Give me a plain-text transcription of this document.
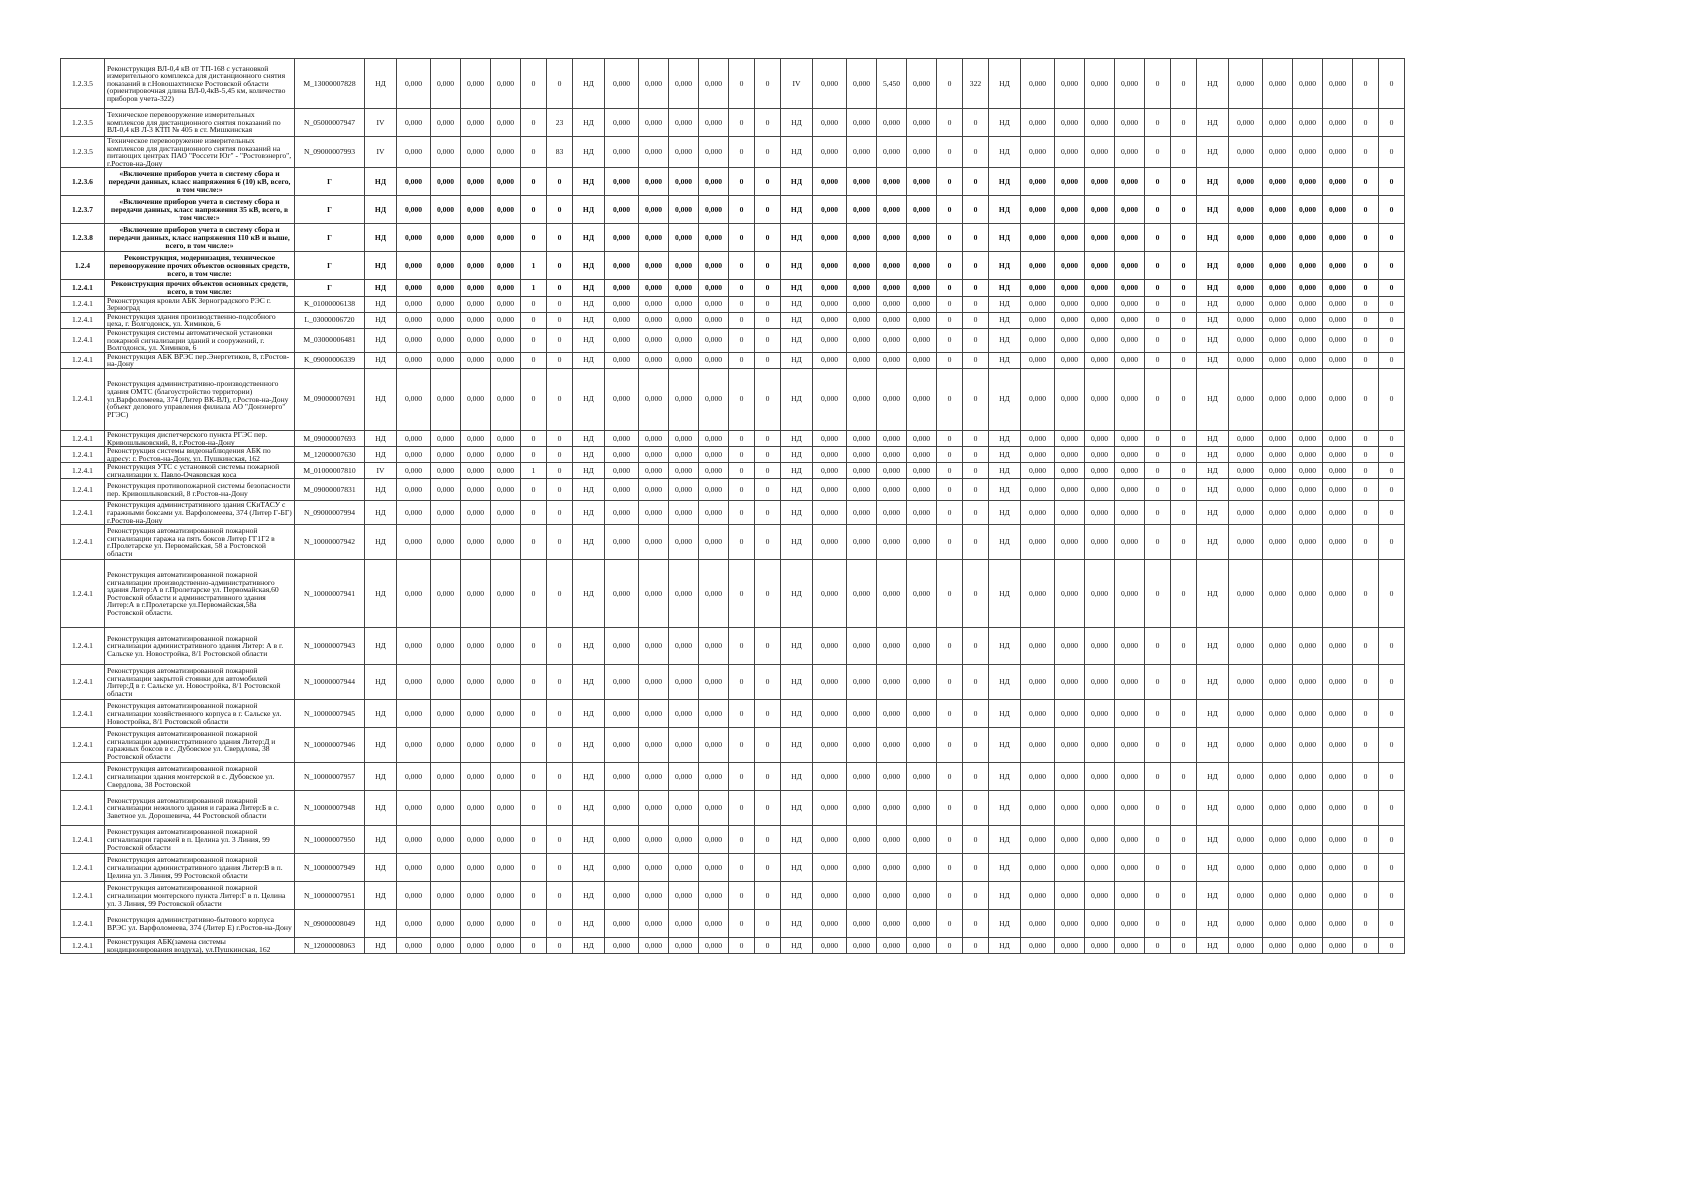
1.2.3.5	Реконструкция ВЛ-0,4 кВ от ТП-168 с установкой измерительного комплекса для дистанционного снятия показаний в г.Новошахтинске Ростовской области (ориентировочная длина ВЛ-0,4кВ-5,45 км, количество приборов учета-322)	M_13000007828	НД	0,000	0,000	0,000	0,000	0	0	НД	0,000	0,000	0,000	0,000	0	0	IV	0,000	0,000	5,450	0,000	0	322	НД	0,000	0,000	0,000	0,000	0	0	НД	0,000	0,000	0,000	0,000	0	0
1.2.3.5	Техническое перевооружение измерительных комплексов для дистанционного снятия показаний по ВЛ-0,4 кВ Л-3 КТП № 405 в ст. Мишкинская	N_05000007947	IV	0,000	0,000	0,000	0,000	0	23	НД	0,000	0,000	0,000	0,000	0	0	НД	0,000	0,000	0,000	0,000	0	0	НД	0,000	0,000	0,000	0,000	0	0	НД	0,000	0,000	0,000	0,000	0	0
1.2.3.5	Техническое перевооружение измерительных комплексов для дистанционного снятия показаний на питающих центрах ПАО "Россети Юг" - "Ростовэнерго", г.Ростов-на-Дону	N_09000007993	IV	0,000	0,000	0,000	0,000	0	83	НД	0,000	0,000	0,000	0,000	0	0	НД	0,000	0,000	0,000	0,000	0	0	НД	0,000	0,000	0,000	0,000	0	0	НД	0,000	0,000	0,000	0,000	0	0
1.2.3.6	«Включение приборов учета в систему сбора и передачи данных, класс напряжения 6 (10) кВ, всего, в том числе:»	Г	НД	0,000	0,000	0,000	0,000	0	0	НД	0,000	0,000	0,000	0,000	0	0	НД	0,000	0,000	0,000	0,000	0	0	НД	0,000	0,000	0,000	0,000	0	0	НД	0,000	0,000	0,000	0,000	0	0
1.2.3.7	«Включение приборов учета в систему сбора и передачи данных, класс напряжения 35 кВ, всего, в том числе:»	Г	НД	0,000	0,000	0,000	0,000	0	0	НД	0,000	0,000	0,000	0,000	0	0	НД	0,000	0,000	0,000	0,000	0	0	НД	0,000	0,000	0,000	0,000	0	0	НД	0,000	0,000	0,000	0,000	0	0
1.2.3.8	«Включение приборов учета в систему сбора и передачи данных, класс напряжения 110 кВ и выше, всего, в том числе:»	Г	НД	0,000	0,000	0,000	0,000	0	0	НД	0,000	0,000	0,000	0,000	0	0	НД	0,000	0,000	0,000	0,000	0	0	НД	0,000	0,000	0,000	0,000	0	0	НД	0,000	0,000	0,000	0,000	0	0
1.2.4	Реконструкция, модернизация, техническое перевооружение прочих объектов основных средств, всего, в том числе:	Г	НД	0,000	0,000	0,000	0,000	1	0	НД	0,000	0,000	0,000	0,000	0	0	НД	0,000	0,000	0,000	0,000	0	0	НД	0,000	0,000	0,000	0,000	0	0	НД	0,000	0,000	0,000	0,000	0	0
1.2.4.1	Реконструкция прочих объектов основных средств, всего, в том числе:	Г	НД	0,000	0,000	0,000	0,000	1	0	НД	0,000	0,000	0,000	0,000	0	0	НД	0,000	0,000	0,000	0,000	0	0	НД	0,000	0,000	0,000	0,000	0	0	НД	0,000	0,000	0,000	0,000	0	0
1.2.4.1	Реконструкция кровли АБК Зерноградского РЭС г. Зерноград	K_01000006138	НД	0,000	0,000	0,000	0,000	0	0	НД	0,000	0,000	0,000	0,000	0	0	НД	0,000	0,000	0,000	0,000	0	0	НД	0,000	0,000	0,000	0,000	0	0	НД	0,000	0,000	0,000	0,000	0	0
1.2.4.1	Реконструкция здания производственно-подсобного цеха, г. Волгодонск, ул. Химиков, 6	L_03000006720	НД	0,000	0,000	0,000	0,000	0	0	НД	0,000	0,000	0,000	0,000	0	0	НД	0,000	0,000	0,000	0,000	0	0	НД	0,000	0,000	0,000	0,000	0	0	НД	0,000	0,000	0,000	0,000	0	0
1.2.4.1	Реконструкция системы автоматической установки пожарной сигнализации зданий и сооружений, г. Волгодонск, ул. Химиков, 6	M_03000006481	НД	0,000	0,000	0,000	0,000	0	0	НД	0,000	0,000	0,000	0,000	0	0	НД	0,000	0,000	0,000	0,000	0	0	НД	0,000	0,000	0,000	0,000	0	0	НД	0,000	0,000	0,000	0,000	0	0
1.2.4.1	Реконструкция АБК ВРЭС пер.Энергетиков, 8, г.Ростов-на-Дону	K_09000006339	НД	0,000	0,000	0,000	0,000	0	0	НД	0,000	0,000	0,000	0,000	0	0	НД	0,000	0,000	0,000	0,000	0	0	НД	0,000	0,000	0,000	0,000	0	0	НД	0,000	0,000	0,000	0,000	0	0
1.2.4.1	Реконструкция административно-производственного здания ОМТС (благоустройство территории) ул.Варфоломеева, 374 (Литер ВК-ВЛ), г.Ростов-на-Дону (объект делового управления филиала АО "Донэнерго" РГЭС)	M_09000007691	НД	0,000	0,000	0,000	0,000	0	0	НД	0,000	0,000	0,000	0,000	0	0	НД	0,000	0,000	0,000	0,000	0	0	НД	0,000	0,000	0,000	0,000	0	0	НД	0,000	0,000	0,000	0,000	0	0
1.2.4.1	Реконструкция диспетчерского пункта РГЭС пер. Кривошлыковский, 8, г.Ростов-на-Дону	M_09000007693	НД	0,000	0,000	0,000	0,000	0	0	НД	0,000	0,000	0,000	0,000	0	0	НД	0,000	0,000	0,000	0,000	0	0	НД	0,000	0,000	0,000	0,000	0	0	НД	0,000	0,000	0,000	0,000	0	0
1.2.4.1	Реконструкция системы видеонаблюдения АБК по адресу: г. Ростов-на-Дону, ул. Пушкинская, 162	M_12000007630	НД	0,000	0,000	0,000	0,000	0	0	НД	0,000	0,000	0,000	0,000	0	0	НД	0,000	0,000	0,000	0,000	0	0	НД	0,000	0,000	0,000	0,000	0	0	НД	0,000	0,000	0,000	0,000	0	0
1.2.4.1	Реконструкция УТС с установкой системы пожарной сигнализации х. Павло-Очаковская коса	M_01000007810	IV	0,000	0,000	0,000	0,000	1	0	НД	0,000	0,000	0,000	0,000	0	0	НД	0,000	0,000	0,000	0,000	0	0	НД	0,000	0,000	0,000	0,000	0	0	НД	0,000	0,000	0,000	0,000	0	0
1.2.4.1	Реконструкция противопожарной системы безопасности пер. Кривошлыковский, 8 г.Ростов-на-Дону	M_09000007831	НД	0,000	0,000	0,000	0,000	0	0	НД	0,000	0,000	0,000	0,000	0	0	НД	0,000	0,000	0,000	0,000	0	0	НД	0,000	0,000	0,000	0,000	0	0	НД	0,000	0,000	0,000	0,000	0	0
1.2.4.1	Реконструкция административного здания СКиТАСУ с гаражными боксами ул. Варфоломеева, 374 (Литер Г-БГ) г.Ростов-на-Дону	N_09000007994	НД	0,000	0,000	0,000	0,000	0	0	НД	0,000	0,000	0,000	0,000	0	0	НД	0,000	0,000	0,000	0,000	0	0	НД	0,000	0,000	0,000	0,000	0	0	НД	0,000	0,000	0,000	0,000	0	0
1.2.4.1	Реконструкция автоматизированной пожарной сигнализации гаража на пять боксов Литер ГГ1Г2 в г.Пролетарске ул. Первомайская, 58 а Ростовской области	N_10000007942	НД	0,000	0,000	0,000	0,000	0	0	НД	0,000	0,000	0,000	0,000	0	0	НД	0,000	0,000	0,000	0,000	0	0	НД	0,000	0,000	0,000	0,000	0	0	НД	0,000	0,000	0,000	0,000	0	0
1.2.4.1	Реконструкция автоматизированной пожарной сигнализации производственно-административного здания Литер:А в г.Пролетарске ул. Первомайская,60 Ростовской области и административного здания Литер:А в г.Пролетарске ул.Первомайская,58а Ростовской области.	N_10000007941	НД	0,000	0,000	0,000	0,000	0	0	НД	0,000	0,000	0,000	0,000	0	0	НД	0,000	0,000	0,000	0,000	0	0	НД	0,000	0,000	0,000	0,000	0	0	НД	0,000	0,000	0,000	0,000	0	0
1.2.4.1	Реконструкция автоматизированной пожарной сигнализации административного здания Литер: А в г. Сальске ул. Новостройка, 8/1 Ростовской области	N_10000007943	НД	0,000	0,000	0,000	0,000	0	0	НД	0,000	0,000	0,000	0,000	0	0	НД	0,000	0,000	0,000	0,000	0	0	НД	0,000	0,000	0,000	0,000	0	0	НД	0,000	0,000	0,000	0,000	0	0
1.2.4.1	Реконструкция автоматизированной пожарной сигнализации закрытой стоянки для автомобилей Литер:Д в г. Сальске ул. Новостройка, 8/1 Ростовской области	N_10000007944	НД	0,000	0,000	0,000	0,000	0	0	НД	0,000	0,000	0,000	0,000	0	0	НД	0,000	0,000	0,000	0,000	0	0	НД	0,000	0,000	0,000	0,000	0	0	НД	0,000	0,000	0,000	0,000	0	0
1.2.4.1	Реконструкция автоматизированной пожарной сигнализации хозяйственного корпуса в г. Сальске ул. Новостройка, 8/1 Ростовской области	N_10000007945	НД	0,000	0,000	0,000	0,000	0	0	НД	0,000	0,000	0,000	0,000	0	0	НД	0,000	0,000	0,000	0,000	0	0	НД	0,000	0,000	0,000	0,000	0	0	НД	0,000	0,000	0,000	0,000	0	0
1.2.4.1	Реконструкция автоматизированной пожарной сигнализации административного здания Литер:Д и гаражных боксов в с. Дубовское ул. Свердлова, 38 Ростовской области	N_10000007946	НД	0,000	0,000	0,000	0,000	0	0	НД	0,000	0,000	0,000	0,000	0	0	НД	0,000	0,000	0,000	0,000	0	0	НД	0,000	0,000	0,000	0,000	0	0	НД	0,000	0,000	0,000	0,000	0	0
1.2.4.1	Реконструкция автоматизированной пожарной сигнализации здания монтерской в с. Дубовское ул. Свердлова, 38 Ростовской	N_10000007957	НД	0,000	0,000	0,000	0,000	0	0	НД	0,000	0,000	0,000	0,000	0	0	НД	0,000	0,000	0,000	0,000	0	0	НД	0,000	0,000	0,000	0,000	0	0	НД	0,000	0,000	0,000	0,000	0	0
1.2.4.1	Реконструкция автоматизированной пожарной сигнализации нежилого здания и гаража Литер:Б в с. Заветное ул. Дорошевича, 44 Ростовской области	N_10000007948	НД	0,000	0,000	0,000	0,000	0	0	НД	0,000	0,000	0,000	0,000	0	0	НД	0,000	0,000	0,000	0,000	0	0	НД	0,000	0,000	0,000	0,000	0	0	НД	0,000	0,000	0,000	0,000	0	0
1.2.4.1	Реконструкция автоматизированной пожарной сигнализации гаражей в п. Целина ул. 3 Линия, 99 Ростовской области	N_10000007950	НД	0,000	0,000	0,000	0,000	0	0	НД	0,000	0,000	0,000	0,000	0	0	НД	0,000	0,000	0,000	0,000	0	0	НД	0,000	0,000	0,000	0,000	0	0	НД	0,000	0,000	0,000	0,000	0	0
1.2.4.1	Реконструкция автоматизированной пожарной сигнализации административного здания Литер:В в п. Целина ул. 3 Линия, 99 Ростовской области	N_10000007949	НД	0,000	0,000	0,000	0,000	0	0	НД	0,000	0,000	0,000	0,000	0	0	НД	0,000	0,000	0,000	0,000	0	0	НД	0,000	0,000	0,000	0,000	0	0	НД	0,000	0,000	0,000	0,000	0	0
1.2.4.1	Реконструкция автоматизированной пожарной сигнализации монтерского пункта Литер:Г в п. Целина ул. 3 Линия, 99 Ростовской области	N_10000007951	НД	0,000	0,000	0,000	0,000	0	0	НД	0,000	0,000	0,000	0,000	0	0	НД	0,000	0,000	0,000	0,000	0	0	НД	0,000	0,000	0,000	0,000	0	0	НД	0,000	0,000	0,000	0,000	0	0
1.2.4.1	Реконструкция административно-бытового корпуса ВРЭС ул. Варфоломеева, 374 (Литер Е) г.Ростов-на-Дону	N_09000008049	НД	0,000	0,000	0,000	0,000	0	0	НД	0,000	0,000	0,000	0,000	0	0	НД	0,000	0,000	0,000	0,000	0	0	НД	0,000	0,000	0,000	0,000	0	0	НД	0,000	0,000	0,000	0,000	0	0
1.2.4.1	Реконструкция АБК(замена системы кондиционирования воздуха), ул.Пушкинская, 162	N_12000008063	НД	0,000	0,000	0,000	0,000	0	0	НД	0,000	0,000	0,000	0,000	0	0	НД	0,000	0,000	0,000	0,000	0	0	НД	0,000	0,000	0,000	0,000	0	0	НД	0,000	0,000	0,000	0,000	0	0
